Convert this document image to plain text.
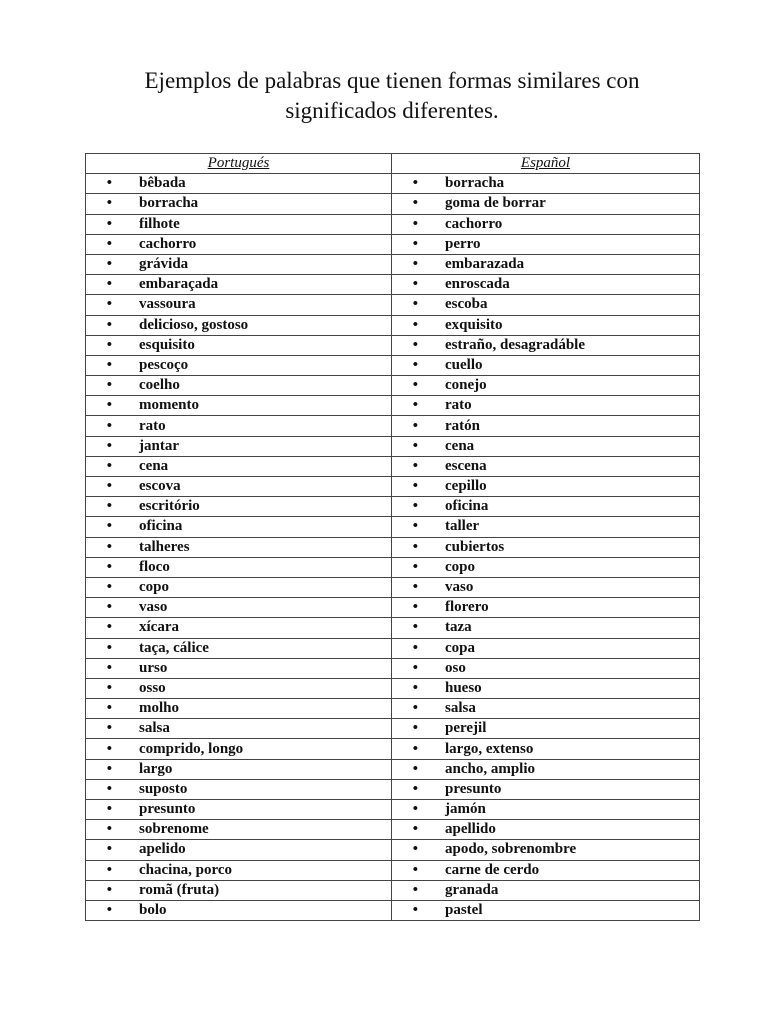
Ejemplos de palabras que tienen formas similares con
significados diferentes.
Portugués	Español
• bêbada	• borracha
• borracha	• goma de borrar
• filhote	• cachorro
• cachorro	• perro
• grávida	• embarazada
• embaraçada	• enroscada
• vassoura	• escoba
• delicioso, gostoso	• exquisito
• esquisito	• estraño, desagradáble
• pescoço	• cuello
• coelho	• conejo
• momento	• rato
• rato	• ratón
• jantar	• cena
• cena	• escena
• escova	• cepillo
• escritório	• oficina
• oficina	• taller
• talheres	• cubiertos
• floco	• copo
• copo	• vaso
• vaso	• florero
• xícara	• taza
• taça, cálice	• copa
• urso	• oso
• osso	• hueso
• molho	• salsa
• salsa	• perejil
• comprido, longo	• largo, extenso
• largo	• ancho, amplio
• suposto	• presunto
• presunto	• jamón
• sobrenome	• apellido
• apelido	• apodo, sobrenombre
• chacina, porco	• carne de cerdo
• romã (fruta)	• granada
• bolo	• pastel
